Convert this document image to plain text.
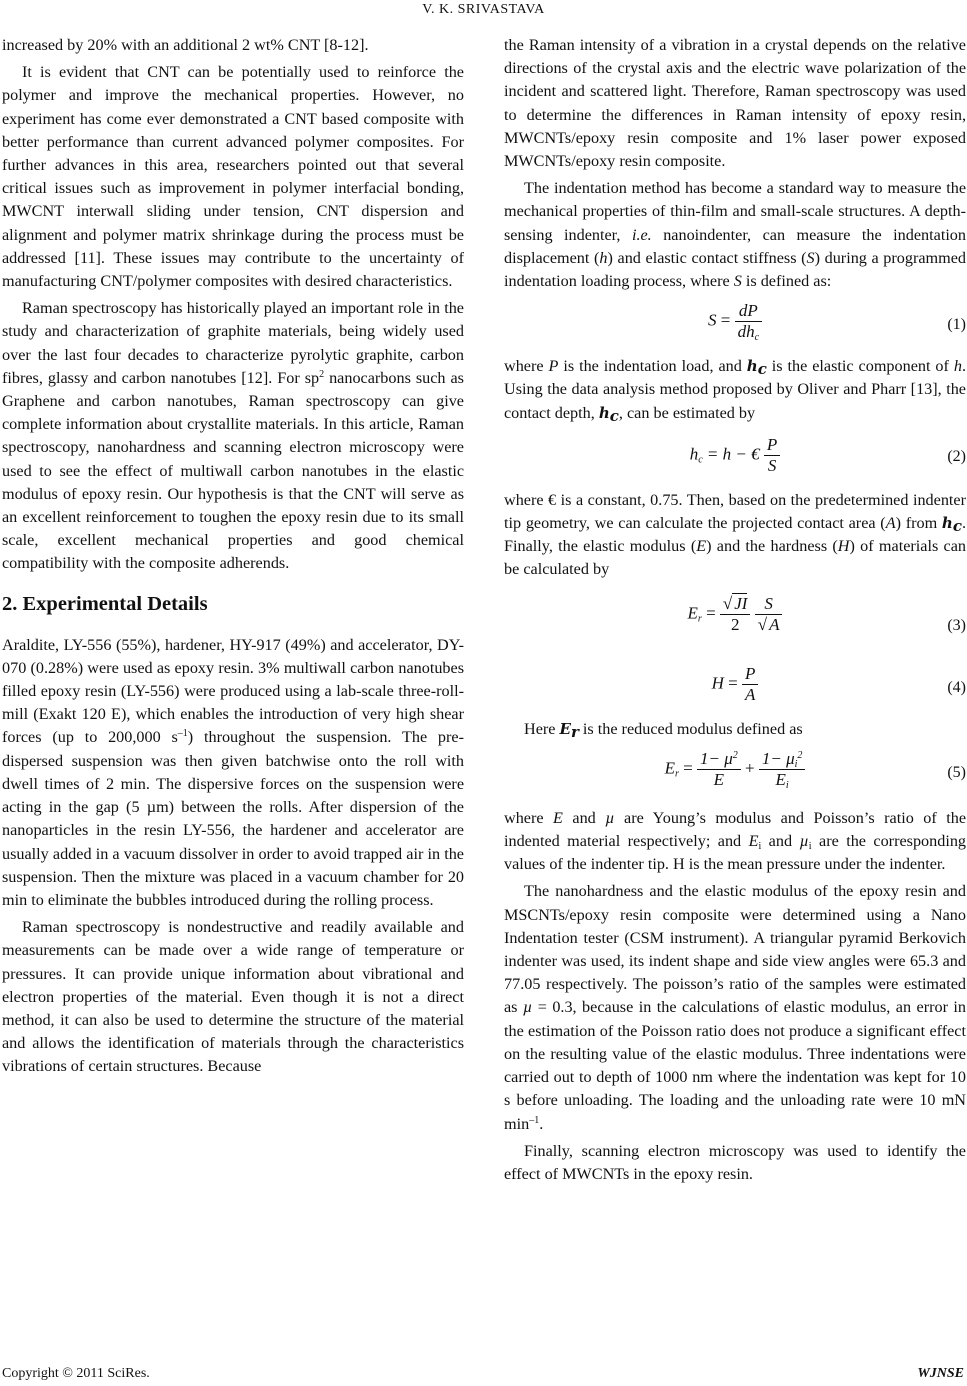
V. K. SRIVASTAVA

increased by 20% with an additional 2 wt% CNT [8-12].

It is evident that CNT can be potentially used to reinforce the polymer and improve the mechanical properties. However, no experiment has come ever demonstrated a CNT based composite with better performance than current advanced polymer composites. For further advances in this area, researchers pointed out that several critical issues such as improvement in polymer interfacial bonding, MWCNT interwall sliding under tension, CNT dispersion and alignment and polymer matrix shrinkage during the process must be addressed [11]. These issues may contribute to the uncertainty of manufacturing CNT/polymer composites with desired characteristics.

Raman spectroscopy has historically played an important role in the study and characterization of graphite materials, being widely used over the last four decades to characterize pyrolytic graphite, carbon fibres, glassy and carbon nanotubes [12]. For $sp^2$ nanocarbons such as Graphene and carbon nanotubes, Raman spectroscopy can give complete information about crystallite materials. In this article, Raman spectroscopy, nanohardness and scanning electron microscopy were used to see the effect of multiwall carbon nanotubes in the elastic modulus of epoxy resin. Our hypothesis is that the CNT will serve as an excellent reinforcement to toughen the epoxy resin due to its small scale, excellent mechanical properties and good chemical compatibility with the composite adherends.

2. Experimental Details

Araldite, LY-556 (55%), hardener, HY-917 (49%) and accelerator, DY-070 (0.28%) were used as epoxy resin. 3% multiwall carbon nanotubes filled epoxy resin (LY-556) were produced using a lab-scale three-roll-mill (Exakt 120 E), which enables the introduction of very high shear forces (up to 200,000 $s^{-1}$) throughout the suspension. The pre-dispersed suspension was then given batchwise onto the roll with dwell times of 2 min. The dispersive forces on the suspension were acting in the gap (5 µm) between the rolls. After dispersion of the nanoparticles in the resin LY-556, the hardener and accelerator are usually added in a vacuum dissolver in order to avoid trapped air in the suspension. Then the mixture was placed in a vacuum chamber for 20 min to eliminate the bubbles introduced during the rolling process.

Raman spectroscopy is nondestructive and readily available and measurements can be made over a wide range of temperature or pressures. It can provide unique information about vibrational and electron properties of the material. Even though it is not a direct method, it can also be used to determine the structure of the material and allows the identification of materials through the characteristics vibrations of certain structures. Because

the Raman intensity of a vibration in a crystal depends on the relative directions of the crystal axis and the electric wave polarization of the incident and scattered light. Therefore, Raman spectroscopy was used to determine the differences in Raman intensity of epoxy resin, MWCNTs/epoxy resin composite and 1% laser power exposed MWCNTs/epoxy resin composite.

The indentation method has become a standard way to measure the mechanical properties of thin-film and small-scale structures. A depth-sensing indenter, i.e. nanoindenter, can measure the indentation displacement (h) and elastic contact stiffness (S) during a programmed indentation loading process, where S is defined as:

$S = \frac{dP}{dh_c}$	(1)

where P is the indentation load, and $h_c$ is the elastic component of h. Using the data analysis method proposed by Oliver and Pharr [13], the contact depth, $h_c$, can be estimated by

$h_c = h$ − € $\frac{P}{S}$	(2)

where € is a constant, 0.75. Then, based on the predetermined indenter tip geometry, we can calculate the projected contact area (A) from $h_c$. Finally, the elastic modulus (E) and the hardness (H) of materials can be calculated by

$E_r = \frac{√ JI}{2}$
$\frac{S}{√ A}$	(3)
$H = \frac{P}{A}$	(4)

Here $E_r$ is the reduced modulus defined as

$E_r = \frac{1- \mu^2}{E} + \frac{1- \mu_i^2}{E_i}$	(5)

where E and µ are Young’s modulus and Poisson’s ratio of the indented material respectively; and $E_i$ and µ$_i$ are the corresponding values of the indenter tip. H is the mean pressure under the indenter.

The nanohardness and the elastic modulus of the epoxy resin and MSCNTs/epoxy resin composite were determined using a Nano Indentation tester (CSM instrument). A triangular pyramid Berkovich indenter was used, its indent shape and side view angles were 65.3 and 77.05 respectively. The poisson’s ratio of the samples were estimated as µ = 0.3, because in the calculations of elastic modulus, an error in the estimation of the Poisson ratio does not produce a significant effect on the resulting value of the elastic modulus. Three indentations were carried out to depth of 1000 nm where the indentation was kept for 10 s before unloading. The loading and the unloading rate were 10 mN $\min^{-1}$.

Finally, scanning electron microscopy was used to identify the effect of MWCNTs in the epoxy resin.

Copyright © 2011 SciRes.	WJNSE
